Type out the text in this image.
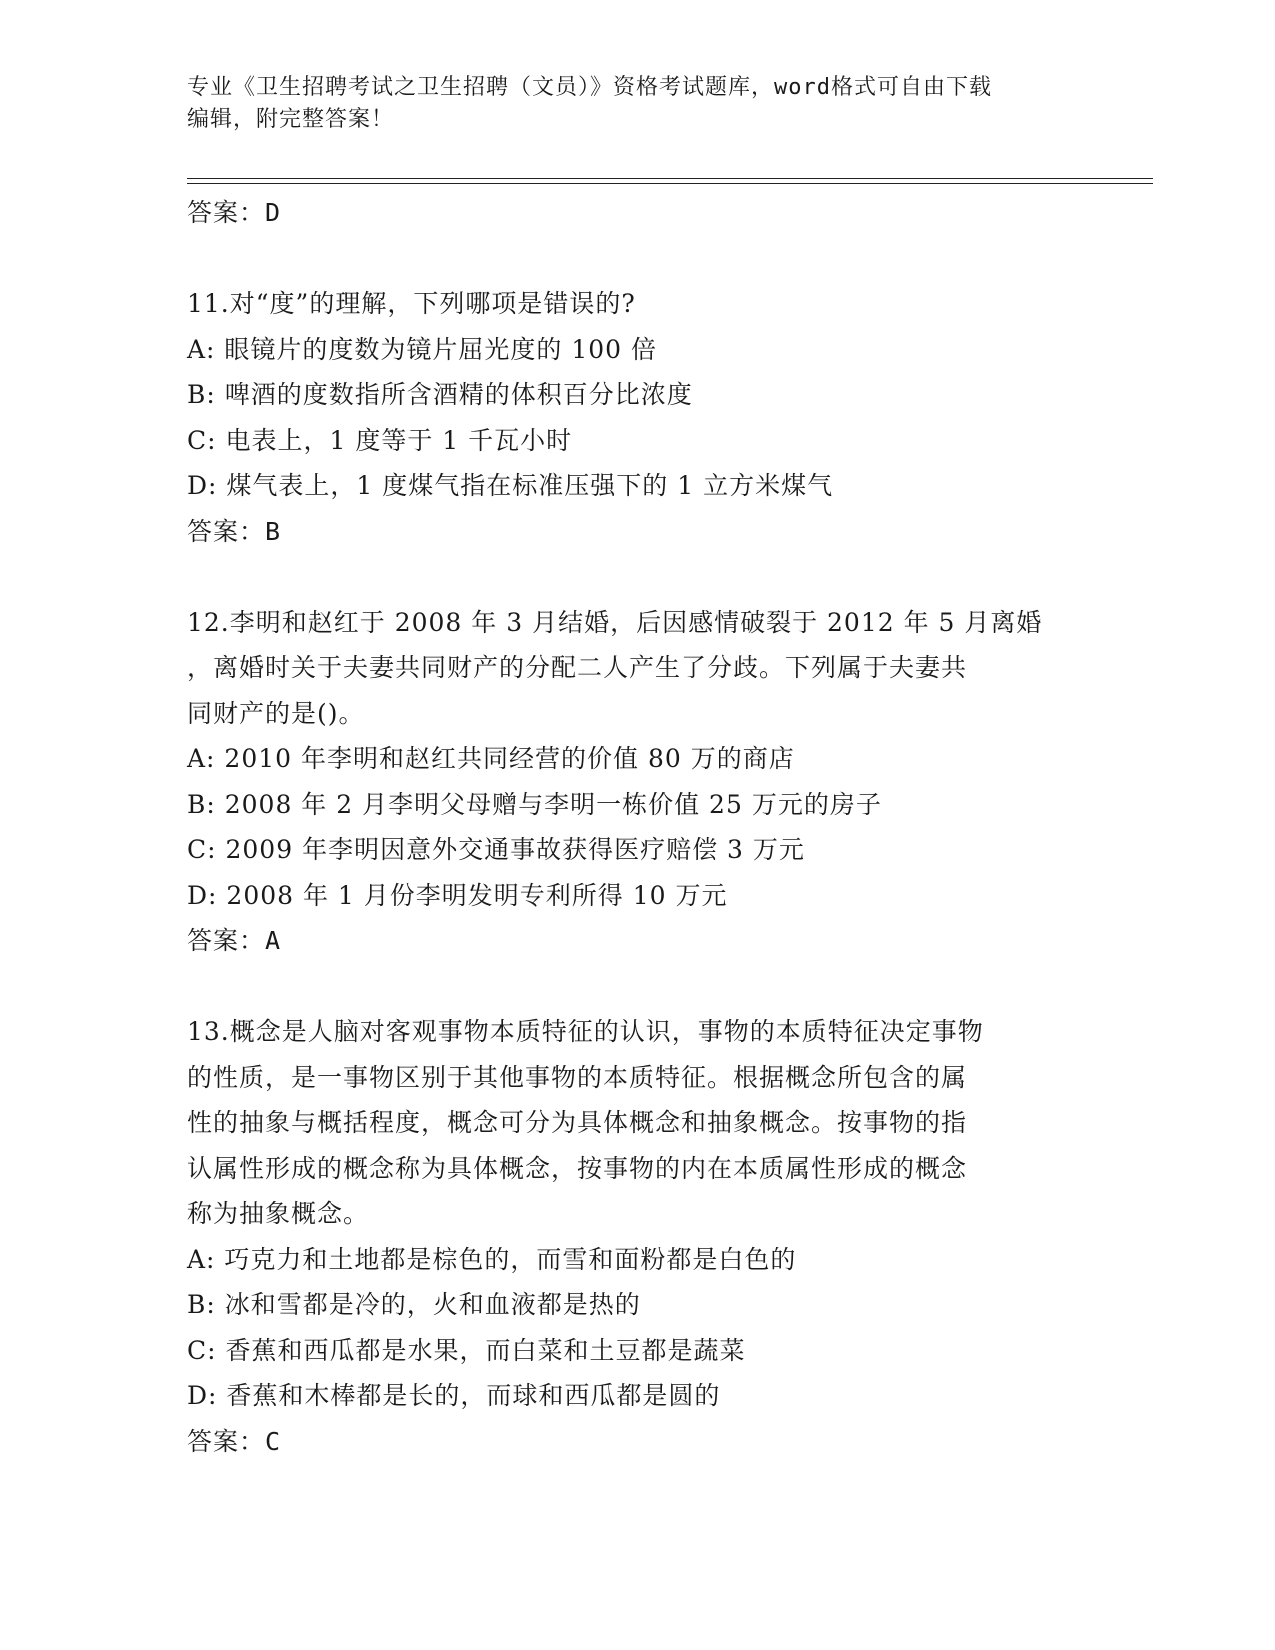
专业《卫生招聘考试之卫生招聘（文员）》资格考试题库，word格式可自由下载
编辑，附完整答案！
答案：D
11.对“度”的理解，下列哪项是错误的?
A: 眼镜片的度数为镜片屈光度的 100 倍
B: 啤酒的度数指所含酒精的体积百分比浓度
C: 电表上，1 度等于 1 千瓦小时
D: 煤气表上，1 度煤气指在标准压强下的 1 立方米煤气
答案：B
12.李明和赵红于 2008 年 3 月结婚，后因感情破裂于 2012 年 5 月离婚
，离婚时关于夫妻共同财产的分配二人产生了分歧。下列属于夫妻共
同财产的是()。
A: 2010 年李明和赵红共同经营的价值 80 万的商店
B: 2008 年 2 月李明父母赠与李明一栋价值 25 万元的房子
C: 2009 年李明因意外交通事故获得医疗赔偿 3 万元
D: 2008 年 1 月份李明发明专利所得 10 万元
答案：A
13.概念是人脑对客观事物本质特征的认识，事物的本质特征决定事物
的性质，是一事物区别于其他事物的本质特征。根据概念所包含的属
性的抽象与概括程度，概念可分为具体概念和抽象概念。按事物的指
认属性形成的概念称为具体概念，按事物的内在本质属性形成的概念
称为抽象概念。
A: 巧克力和土地都是棕色的，而雪和面粉都是白色的
B: 冰和雪都是冷的，火和血液都是热的
C: 香蕉和西瓜都是水果，而白菜和土豆都是蔬菜
D: 香蕉和木棒都是长的，而球和西瓜都是圆的
答案：C
